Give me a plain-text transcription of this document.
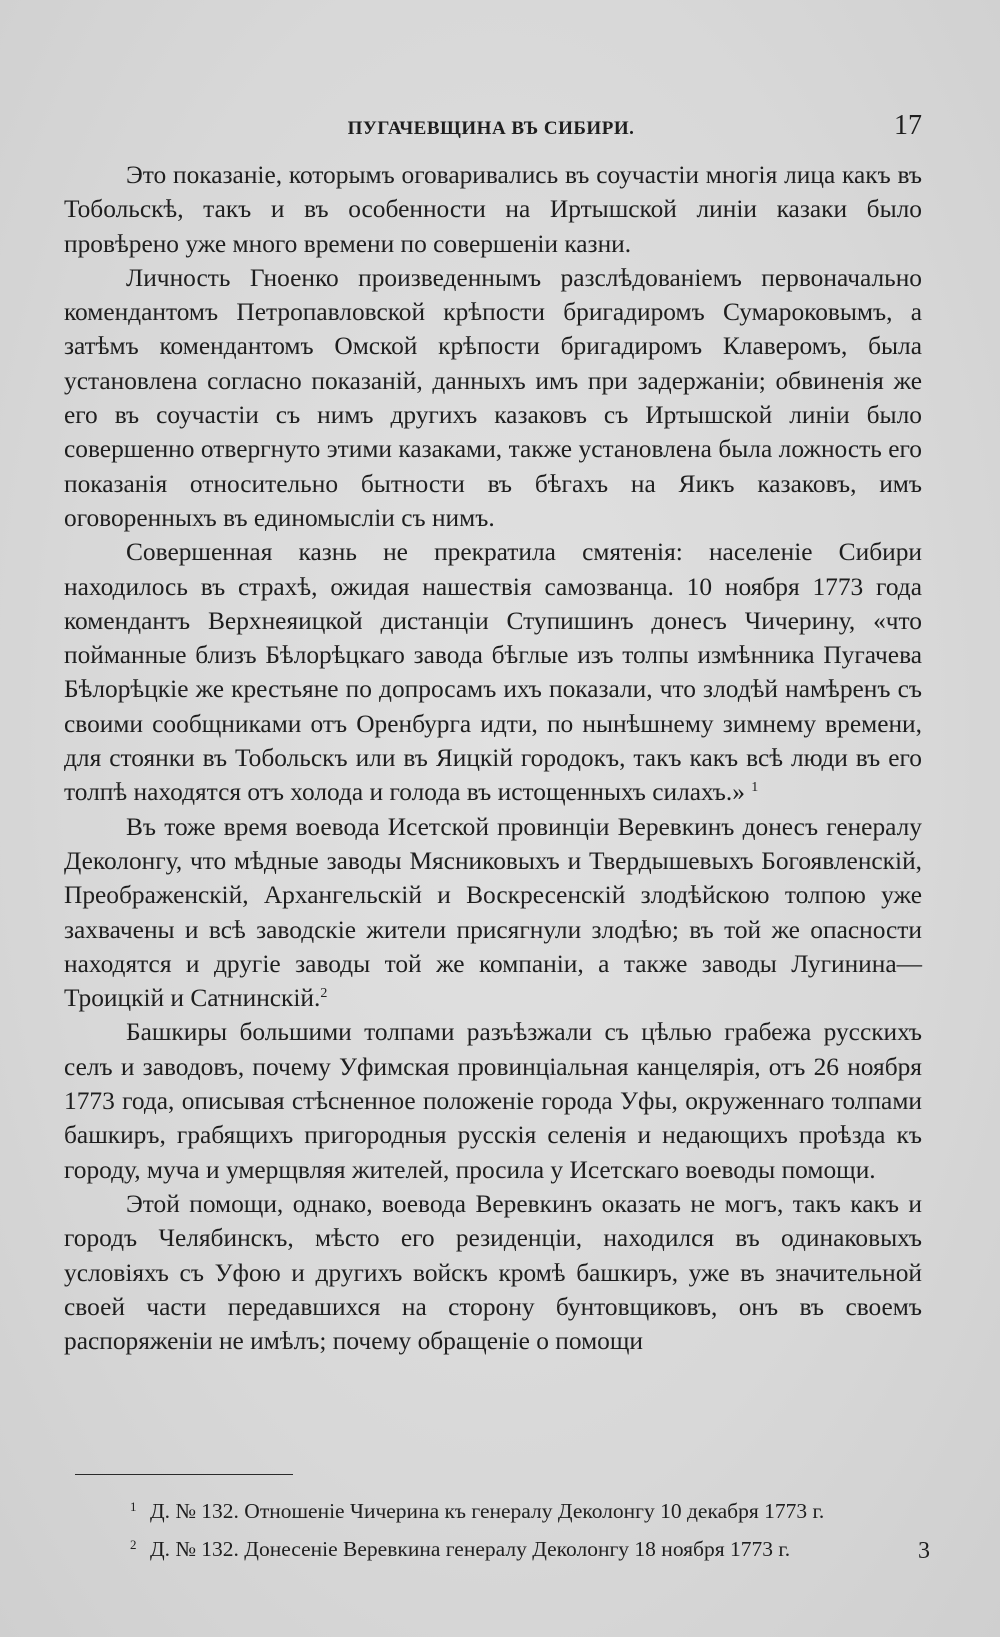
ПУГАЧЕВЩИНА ВЪ СИБИРИ.	17

Это показаніе, которымъ оговаривались въ соучастіи многія лица какъ въ Тобольскѣ, такъ и въ особенности на Иртышской линіи казаки было провѣрено уже много времени по совершеніи казни.

Личность Гноенко произведеннымъ разслѣдованіемъ первоначально комендантомъ Петропавловской крѣпости бригадиромъ Сумароковымъ, а затѣмъ комендантомъ Омской крѣпости бригадиромъ Клаверомъ, была установлена согласно показаній, данныхъ имъ при задержаніи; обвиненія же его въ соучастіи съ нимъ другихъ казаковъ съ Иртышской линіи было совершенно отвергнуто этими казаками, также установлена была ложность его показанія относительно бытности въ бѣгахъ на Яикъ казаковъ, имъ оговоренныхъ въ единомысліи съ нимъ.

Совершенная казнь не прекратила смятенія: населеніе Сибири находилось въ страхѣ, ожидая нашествія самозванца. 10 ноября 1773 года комендантъ Верхнеяицкой дистанціи Ступишинъ донесъ Чичерину, «что пойманные близъ Бѣлорѣцкаго завода бѣглые изъ толпы измѣнника Пугачева Бѣлорѣцкіе же крестьяне по допросамъ ихъ показали, что злодѣй намѣренъ съ своими сообщниками отъ Оренбурга идти, по нынѣшнему зимнему времени, для стоянки въ Тобольскъ или въ Яицкій городокъ, такъ какъ всѣ люди въ его толпѣ находятся отъ холода и голода въ истощенныхъ силахъ.» $^1$

Въ тоже время воевода Исетской провинціи Веревкинъ донесъ генералу Деколонгу, что мѣдные заводы Мясниковыхъ и Твердышевыхъ Богоявленскій, Преображенскій, Архангельскій и Воскресенскій злодѣйскою толпою уже захвачены и всѣ заводскіе жители присягнули злодѣю; въ той же опасности находятся и другіе заводы той же компаніи, а также заводы Лугинина—Троицкій и Сатнинскій.$^2$

Башкиры большими толпами разъѣзжали съ цѣлью грабежа русскихъ селъ и заводовъ, почему Уфимская провинціальная канцелярія, отъ 26 ноября 1773 года, описывая стѣсненное положеніе города Уфы, окруженнаго толпами башкиръ, грабящихъ пригородныя русскія селенія и недающихъ проѣзда къ городу, муча и умерщвляя жителей, просила у Исетскаго воеводы помощи.

Этой помощи, однако, воевода Веревкинъ оказать не могъ, такъ какъ и городъ Челябинскъ, мѣсто его резиденціи, находился въ одинаковыхъ условіяхъ съ Уфою и другихъ войскъ кромѣ башкиръ, уже въ значительной своей части передавшихся на сторону бунтовщиковъ, онъ въ своемъ распоряженіи не имѣлъ; почему обращеніе о помощи

1 Д. № 132. Отношеніе Чичерина къ генералу Деколонгу 10 декабря 1773 г.
2 Д. № 132. Донесеніе Веревкина генералу Деколонгу 18 ноября 1773 г.	3
